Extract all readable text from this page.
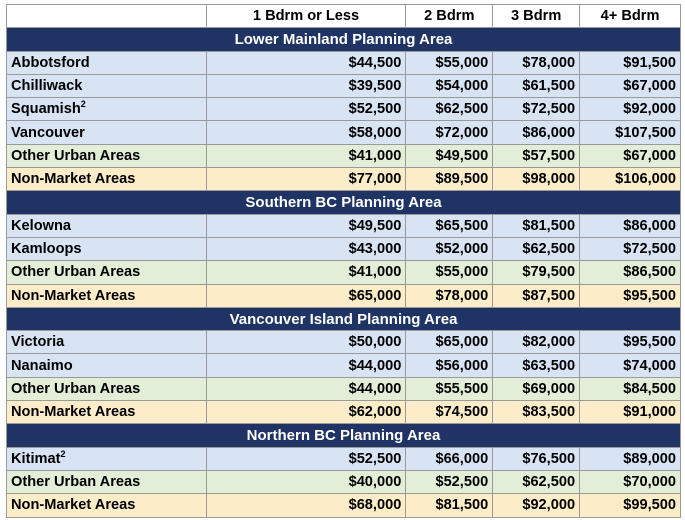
	1 Bdrm or Less	2 Bdrm	3 Bdrm	4+ Bdrm
Lower Mainland Planning Area				
Abbotsford	$44,500	$55,000	$78,000	$91,500
Chilliwack	$39,500	$54,000	$61,500	$67,000
Squamish$^2$	$52,500	$62,500	$72,500	$92,000
Vancouver	$58,000	$72,000	$86,000	$107,500
Other Urban Areas	$41,000	$49,500	$57,500	$67,000
Non-Market Areas	$77,000	$89,500	$98,000	$106,000
Southern BC Planning Area				
Kelowna	$49,500	$65,500	$81,500	$86,000
Kamloops	$43,000	$52,000	$62,500	$72,500
Other Urban Areas	$41,000	$55,000	$79,500	$86,500
Non-Market Areas	$65,000	$78,000	$87,500	$95,500
Vancouver Island Planning Area				
Victoria	$50,000	$65,000	$82,000	$95,500
Nanaimo	$44,000	$56,000	$63,500	$74,000
Other Urban Areas	$44,000	$55,500	$69,000	$84,500
Non-Market Areas	$62,000	$74,500	$83,500	$91,000
Northern BC Planning Area				
Kitimat$^2$	$52,500	$66,000	$76,500	$89,000
Other Urban Areas	$40,000	$52,500	$62,500	$70,000
Non-Market Areas	$68,000	$81,500	$92,000	$99,500
